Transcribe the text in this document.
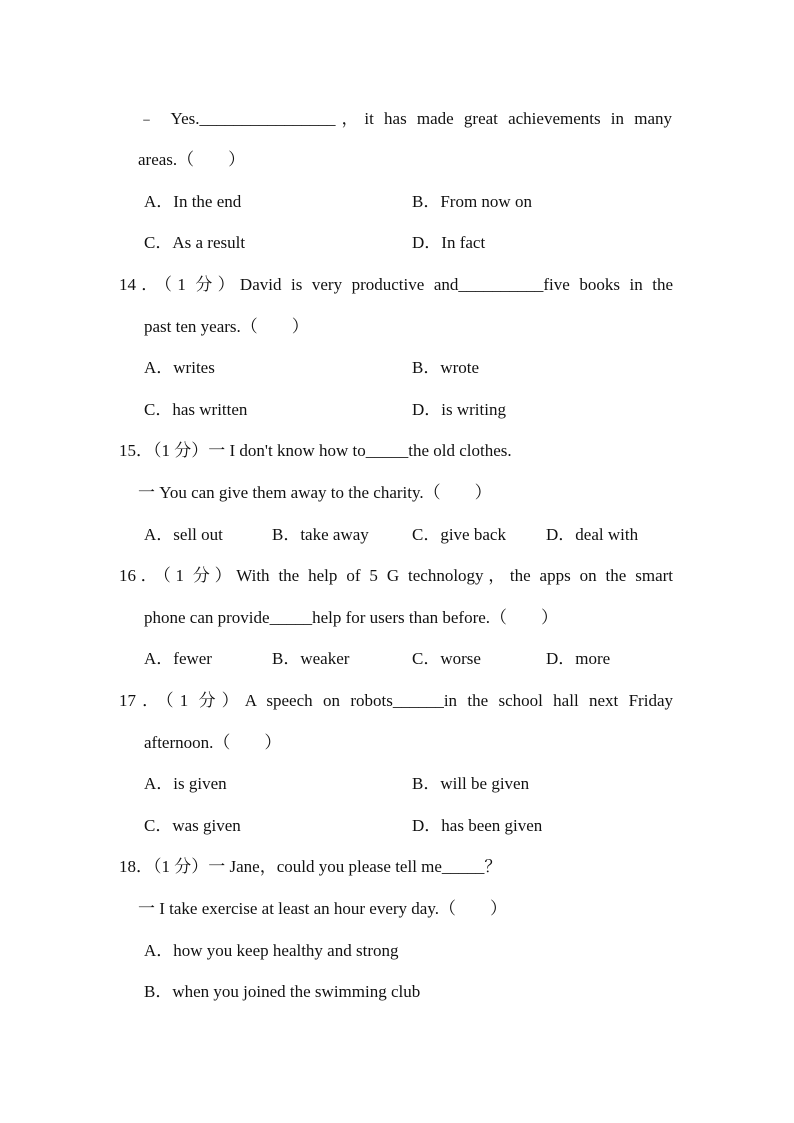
﹣ Yes.________________，it has made great achievements in many
areas.（　　）
A．In the end	B．From now on
C．As a result	D．In fact
14．（1 分）David is very productive and__________five books in the
past ten years.（　　）
A．writes	B．wrote
C．has written	D．is writing
15．（1 分）一 I don't know how to_____the old clothes.
一 You can give them away to the charity.（　　）
A．sell out	B．take away	C．give back D．deal with
16．（1 分）With the help of 5 G technology，the apps on the smart
phone can provide_____help for users than before.（　　）
A．fewer	B．weaker	C．worse	D．more
17．（1 分）A speech on robots______in the school hall next Friday
afternoon.（　　）
A．is given	B．will be given
C．was given	D．has been given
18．（1 分）一 Jane，could you please tell me_____？
一 I take exercise at least an hour every day.（　　）
A．how you keep healthy and strong
B．when you joined the swimming club
